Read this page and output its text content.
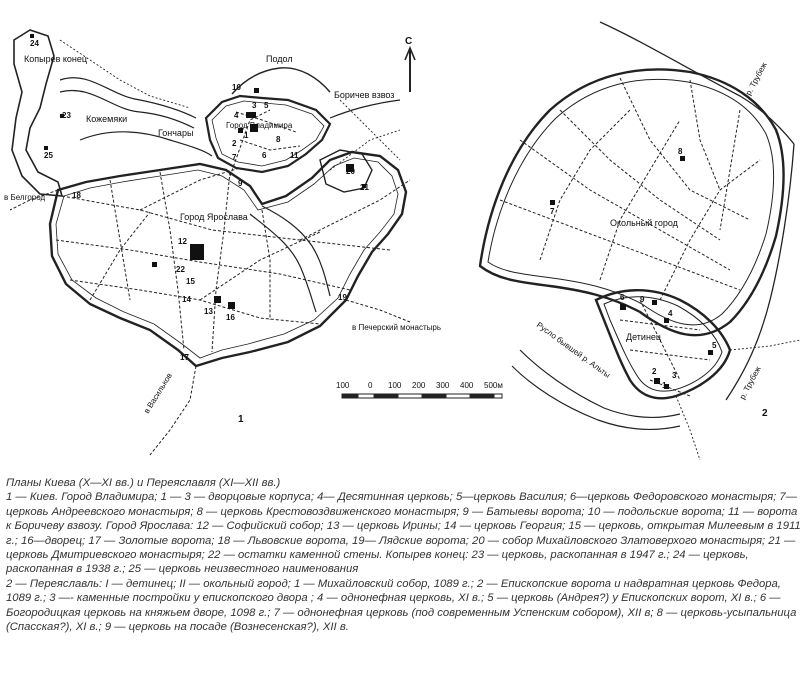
Подол
Копырев конец
Кожемяки
Гончары
Боричев взвоз
Город Владимира
Город Ярослава
в Белгород
в Печерский монастырь
в Васильков
С
1
100 0 100 200 300 400 500м
1
2
3
4
5
6
7
8
9
10
11
12
13
14
15
16
17
18
19
20
21
22
23
24
25
Окольный город
Детинец
р. Трубеж
р. Трубеж
Русло бывшей р. Альты
2
1
2 3
4
5
6
7
8
9

Планы Киева (X—XI вв.) и Переяславля (XI—XII вв.)

1 — Киев. Город Владимира; 1 — 3 — дворцовые корпуса; 4— Десятинная церковь; 5—церковь Василия; 6—церковь Федоровского монастыря; 7—церковь Андреевского монастыря; 8 — церковь Крестовоздвиженского монастыря; 9 — Батыевы ворота; 10 — подольские ворота; 11 — ворота к Боричеву взвозу. Город Ярослава: 12 — Софийский собор; 13 — церковь Ирины; 14 — церковь Георгия; 15 — церковь, открытая Милеевым в 1911 г.; 16—дворец; 17 — Золотые ворота; 18 — Львовские ворота, 19— Лядские ворота; 20 — собор Михайловского Златоверхого монастыря; 21 — церковь Дмитриевского монастыря; 22 — остатки каменной стены. Копырев конец: 23 — церковь, раскопанная в 1947 г.; 24 — церковь, раскопанная в 1938 г.; 25 — церковь неизвестного наименования

2 — Переяславль: I — детинец; II — окольный город; 1 — Михайловский собор, 1089 г.; 2 — Епископские ворота и надвратная церковь Федора, 1089 г.; 3 —- каменные постройки у епископского двора ; 4 — однонефная церковь, XI в.; 5 — церковь (Андрея?) у Епископских ворот, XI в.; 6 — Богородицкая церковь на княжьем дворе, 1098 г.; 7 — однонефная церковь (под современным Успенским собором), XII в; 8 — церковь-усыпальница (Спасская?), XI в.; 9 — церковь на посаде (Вознесенская?), XII в.
